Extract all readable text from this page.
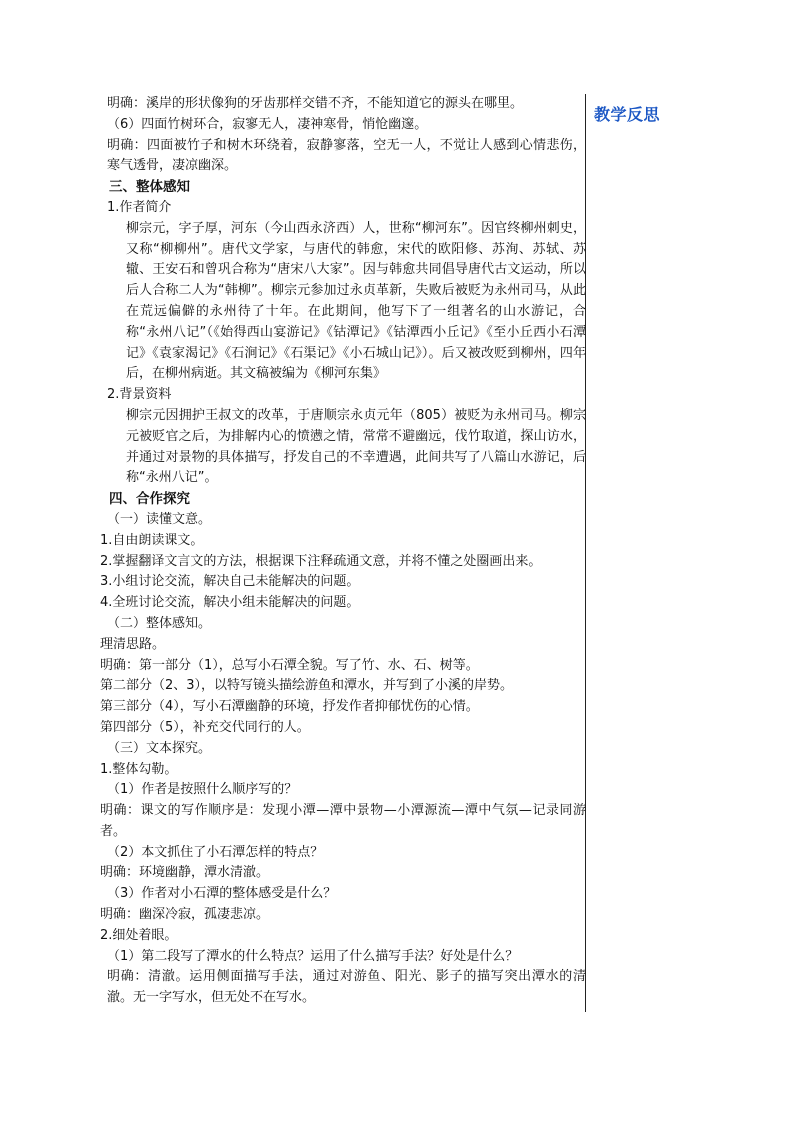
明确：溪岸的形状像狗的牙齿那样交错不齐，不能知道它的源头在哪里。

（6）四面竹树环合，寂寥无人，凄神寒骨，悄怆幽邃。

明确：四面被竹子和树木环绕着，寂静寥落，空无一人，不觉让人感到心情悲伤，寒气透骨，凄凉幽深。

三、整体感知

1.作者简介

柳宗元，字子厚，河东（今山西永济西）人，世称“柳河东”。因官终柳州刺史，又称“柳柳州”。唐代文学家，与唐代的韩愈，宋代的欧阳修、苏洵、苏轼、苏辙、王安石和曾巩合称为“唐宋八大家”。因与韩愈共同倡导唐代古文运动，所以后人合称二人为“韩柳”。柳宗元参加过永贞革新，失败后被贬为永州司马，从此在荒远偏僻的永州待了十年。在此期间，他写下了一组著名的山水游记，合称“永州八记”（《始得西山宴游记》《钴潭记》《钴潭西小丘记》《至小丘西小石潭记》《袁家渴记》《石涧记》《石渠记》《小石城山记》）。后又被改贬到柳州，四年后，在柳州病逝。其文稿被编为《柳河东集》

2.背景资料

柳宗元因拥护王叔文的改革，于唐顺宗永贞元年（805）被贬为永州司马。柳宗元被贬官之后，为排解内心的愤懑之情，常常不避幽远，伐竹取道，探山访水，并通过对景物的具体描写，抒发自己的不幸遭遇，此间共写了八篇山水游记，后称“永州八记”。

四、合作探究

（一）读懂文意。

1.自由朗读课文。

2.掌握翻译文言文的方法，根据课下注释疏通文意，并将不懂之处圈画出来。

3.小组讨论交流，解决自己未能解决的问题。

4.全班讨论交流，解决小组未能解决的问题。

（二）整体感知。

理清思路。

明确：第一部分（1），总写小石潭全貌。写了竹、水、石、树等。

第二部分（2、3），以特写镜头描绘游鱼和潭水，并写到了小溪的岸势。

第三部分（4），写小石潭幽静的环境，抒发作者抑郁忧伤的心情。

第四部分（5），补充交代同行的人。

（三）文本探究。

1.整体勾勒。

（1）作者是按照什么顺序写的？

明确：课文的写作顺序是：发现小潭—潭中景物—小潭源流—潭中气氛—记录同游者。

（2）本文抓住了小石潭怎样的特点？

明确：环境幽静，潭水清澈。

（3）作者对小石潭的整体感受是什么？

明确：幽深冷寂，孤凄悲凉。

2.细处着眼。

（1）第二段写了潭水的什么特点？运用了什么描写手法？好处是什么？

明确：清澈。运用侧面描写手法，通过对游鱼、阳光、影子的描写突出潭水的清澈。无一字写水，但无处不在写水。

教学反思
